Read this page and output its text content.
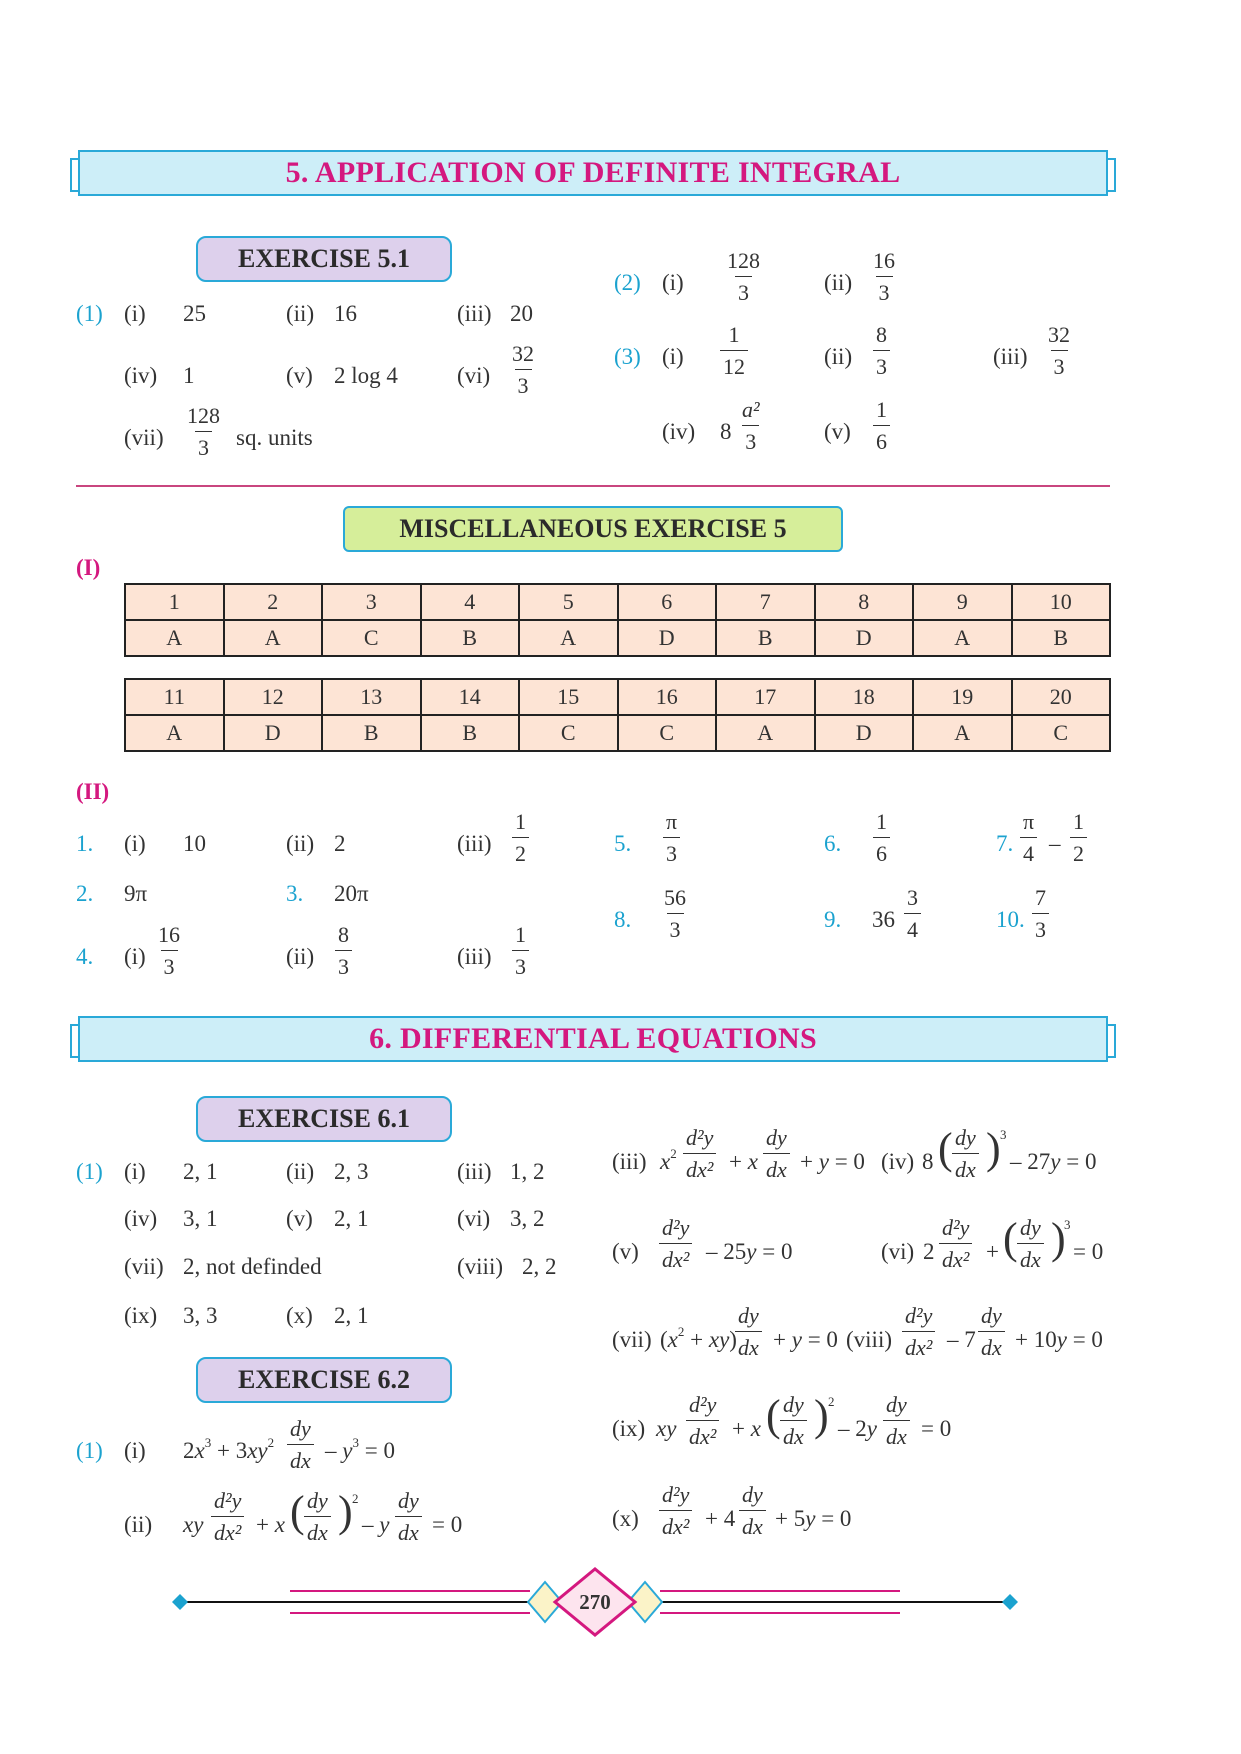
5. APPLICATION OF DEFINITE INTEGRAL
EXERCISE 5.1
(1) (i) 25	(ii) 16	(iii) 20
(iv) 1	(v) 2 log 4	$(vi) \frac{32}{3}$
$(vii) \frac{128}{3}$ sq. units
(2) $(i) \frac{128}{3}$	$(ii) \frac{16}{3}$
(3) $(i) \frac{1}{12}$	$(ii) \frac{8}{3}$	$(iii) \frac{32}{3}$
(iv) $8 \frac{\text{a²}}{3}$	$(v) \frac{1}{6}$
MISCELLANEOUS EXERCISE 5
(I)
1	2	3	4	5	6	7	8	9	10
A	A	C	B	A	D	B	D	A	B
11	12	13	14	15	16	17	18	19	20
A	D	B	B	C	C	A	D	A	C
(II)
1. (i) 10	(ii) 2	$(iii) \frac{1}{2}$
2. 9π	3. 20π
4. $(i) \frac{16}{3}$	$(ii) \frac{8}{3}$	$(iii) \frac{1}{3}$
5. $\frac{\pi}{3}$	6. $\frac{1}{6}$	7. $\frac{\pi}{4} - \frac{1}{2}$
8. $\frac{56}{3}$	9. $36 \frac{3}{4}$	10. $\frac{7}{3}$
6. DIFFERENTIAL EQUATIONS
EXERCISE 6.1
(1) (i) 2, 1	(ii) 2, 3	(iii) 1, 2
(iv) 3, 1	(v) 2, 1	(vi) 3, 2
(vii) 2, not definded	(viii) 2, 2
(ix) 3, 3	(x) 2, 1
EXERCISE 6.2
(1) (i) $2x^3 + 3xy^2 \frac{dy}{dx} - y^3 = 0$
(ii) xy $\frac{\text{d²y}}{\text{dx²}} + x$ ( $\frac{dy}{dx}$ ) 2
– y $\frac{dy}{dx} = 0$
(iii) $x^2 \frac{\text{d²y}}{\text{dx²}} + x \frac{dy}{dx} + y = 0$ (iv) 8 ( $\frac{dy}{dx}$ ) 3
– 27y = 0
$(v) \frac{\text{d²y}}{\text{dx²}} - 25y = 0$	(vi) $2 \frac{\text{d²y}}{\text{dx²}}$ + ( $\frac{dy}{dx}$ )
3
= 0
(vii) $(x^2 + xy)$
$\frac{dy}{dx} + y = 0$ (viii) $\frac{\text{d²y}}{\text{dx²}} - 7 \frac{dy}{dx} + 10y = 0$
(ix) xy $\frac{\text{d²y}}{\text{dx²}} + x$ ( $\frac{dy}{dx}$ ) 2
– $2y \frac{dy}{dx} = 0$
$(x) \frac{\text{d²y}}{\text{dx²}} + 4 \frac{dy}{dx} + 5y = 0$
270
